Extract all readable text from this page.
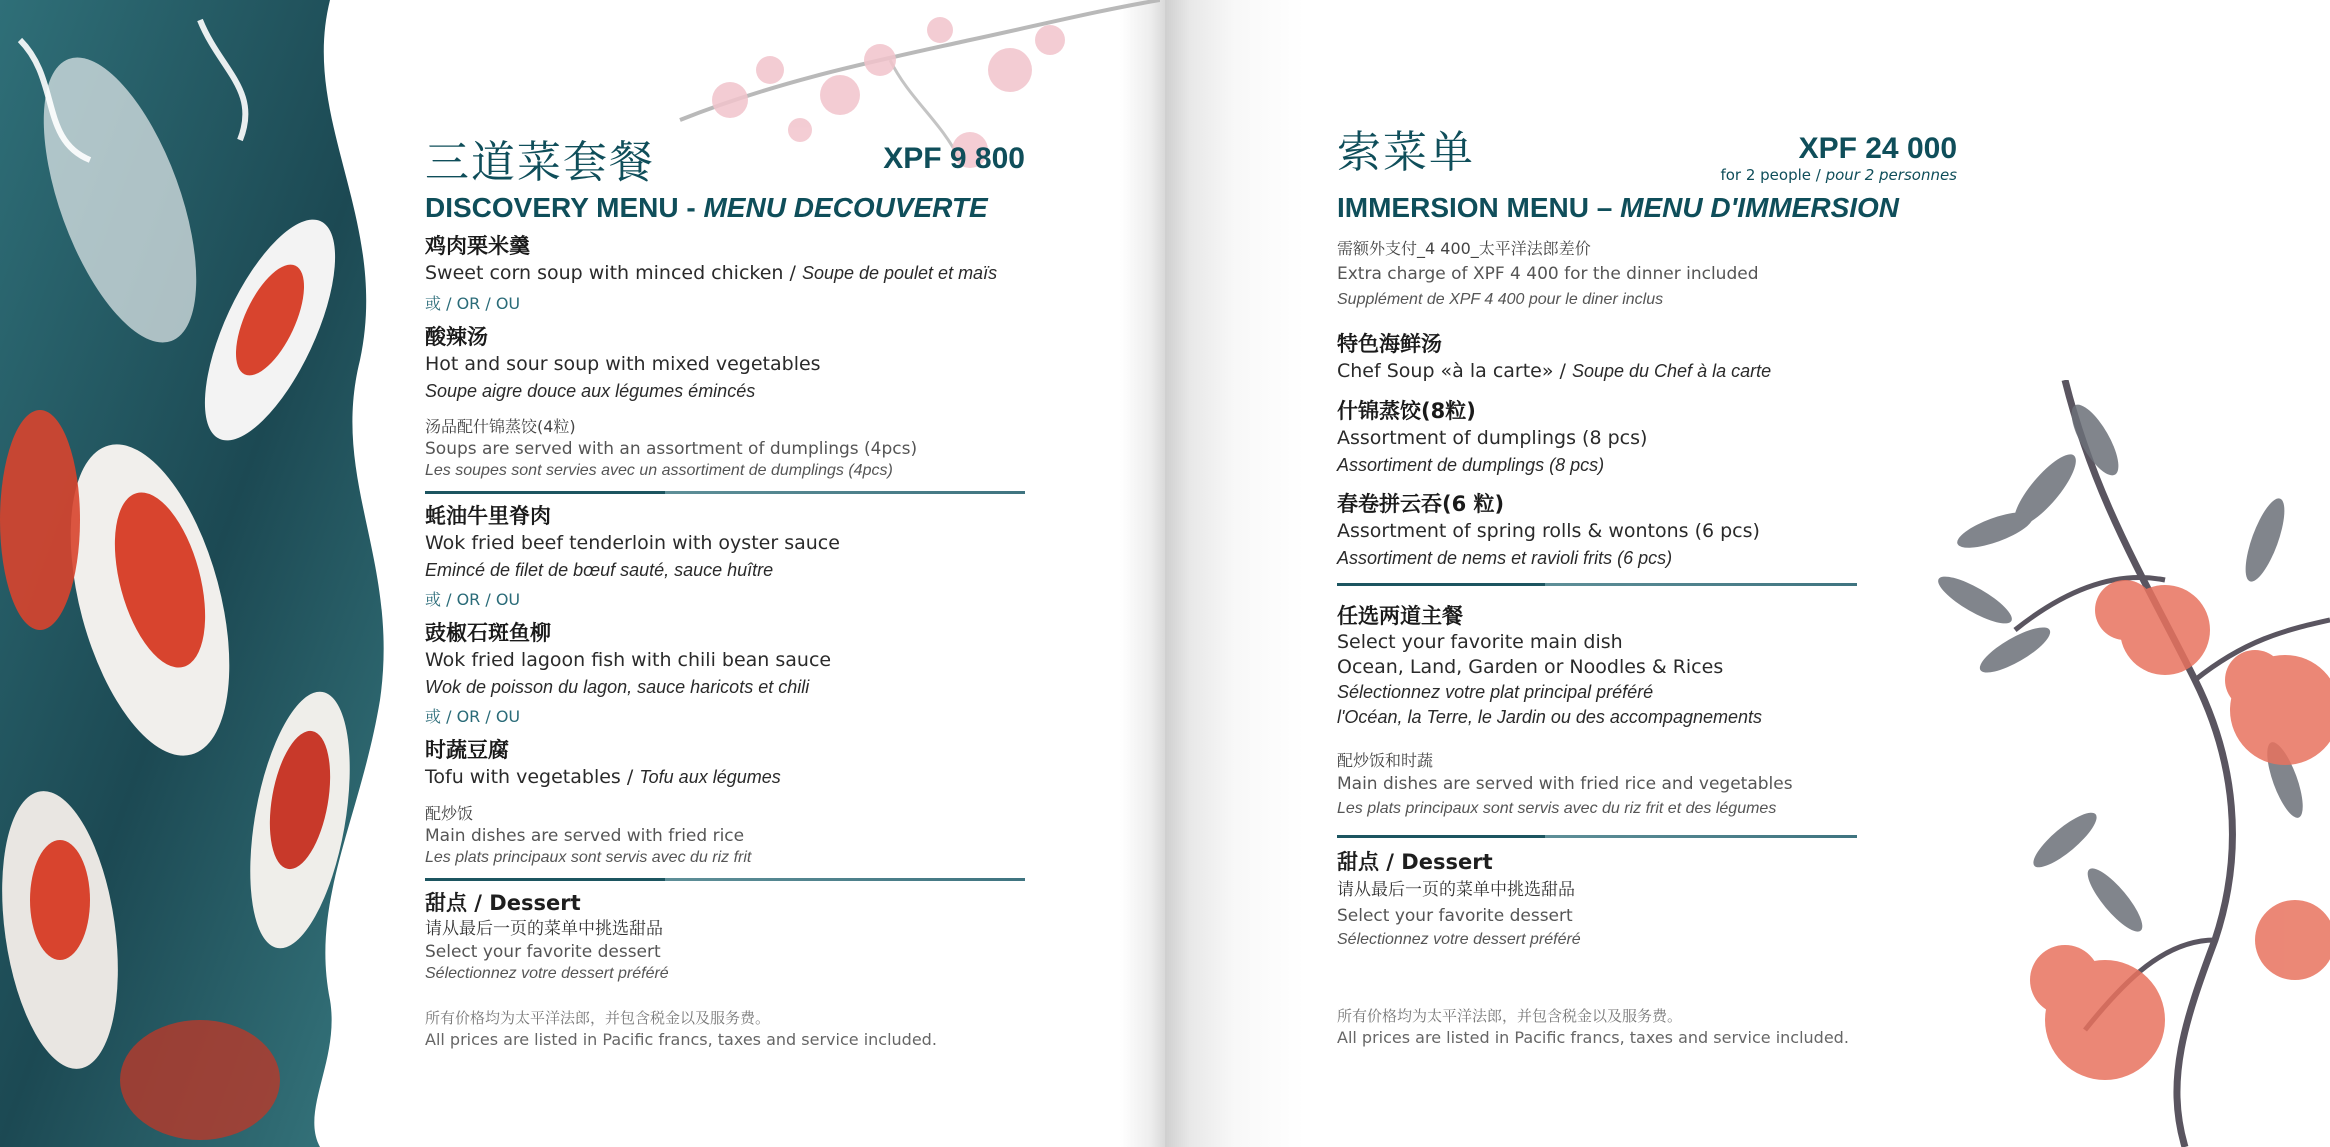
三道菜套餐	XPF 9 800
DISCOVERY MENU - MENU DECOUVERTE
鸡肉栗米羹
Sweet corn soup with minced chicken / Soupe de poulet et maïs
或 / OR / OU
酸辣汤
Hot and sour soup with mixed vegetables
Soupe aigre douce aux légumes émincés
汤品配什锦蒸饺(4粒)
Soups are served with an assortment of dumplings (4pcs)
Les soupes sont servies avec un assortiment de dumplings (4pcs)
蚝油牛里脊肉
Wok fried beef tenderloin with oyster sauce
Emincé de filet de bœuf sauté, sauce huître
或 / OR / OU
豉椒石斑鱼柳
Wok fried lagoon fish with chili bean sauce
Wok de poisson du lagon, sauce haricots et chili
或 / OR / OU
时蔬豆腐
Tofu with vegetables / Tofu aux légumes
配炒饭
Main dishes are served with fried rice
Les plats principaux sont servis avec du riz frit
甜点 / Dessert
请从最后一页的菜单中挑选甜品
Select your favorite dessert
Sélectionnez votre dessert préféré
所有价格均为太平洋法郎，并包含税金以及服务费。
All prices are listed in Pacific francs, taxes and service included.
索菜单	XPF 24 000
for 2 people / pour 2 personnes
IMMERSION MENU – MENU D'IMMERSION
需额外支付_4 400_太平洋法郎差价
Extra charge of XPF 4 400 for the dinner included
Supplément de XPF 4 400 pour le diner inclus
特色海鲜汤
Chef Soup «à la carte» / Soupe du Chef à la carte
什锦蒸饺(8粒)
Assortment of dumplings (8 pcs)
Assortiment de dumplings (8 pcs)
春卷拼云吞(6 粒)
Assortment of spring rolls & wontons (6 pcs)
Assortiment de nems et ravioli frits (6 pcs)
任选两道主餐
Select your favorite main dish
Ocean, Land, Garden or Noodles & Rices
Sélectionnez votre plat principal préféré
l'Océan, la Terre, le Jardin ou des accompagnements
配炒饭和时蔬
Main dishes are served with fried rice and vegetables
Les plats principaux sont servis avec du riz frit et des légumes
甜点 / Dessert
请从最后一页的菜单中挑选甜品
Select your favorite dessert
Sélectionnez votre dessert préféré
所有价格均为太平洋法郎，并包含税金以及服务费。
All prices are listed in Pacific francs, taxes and service included.
